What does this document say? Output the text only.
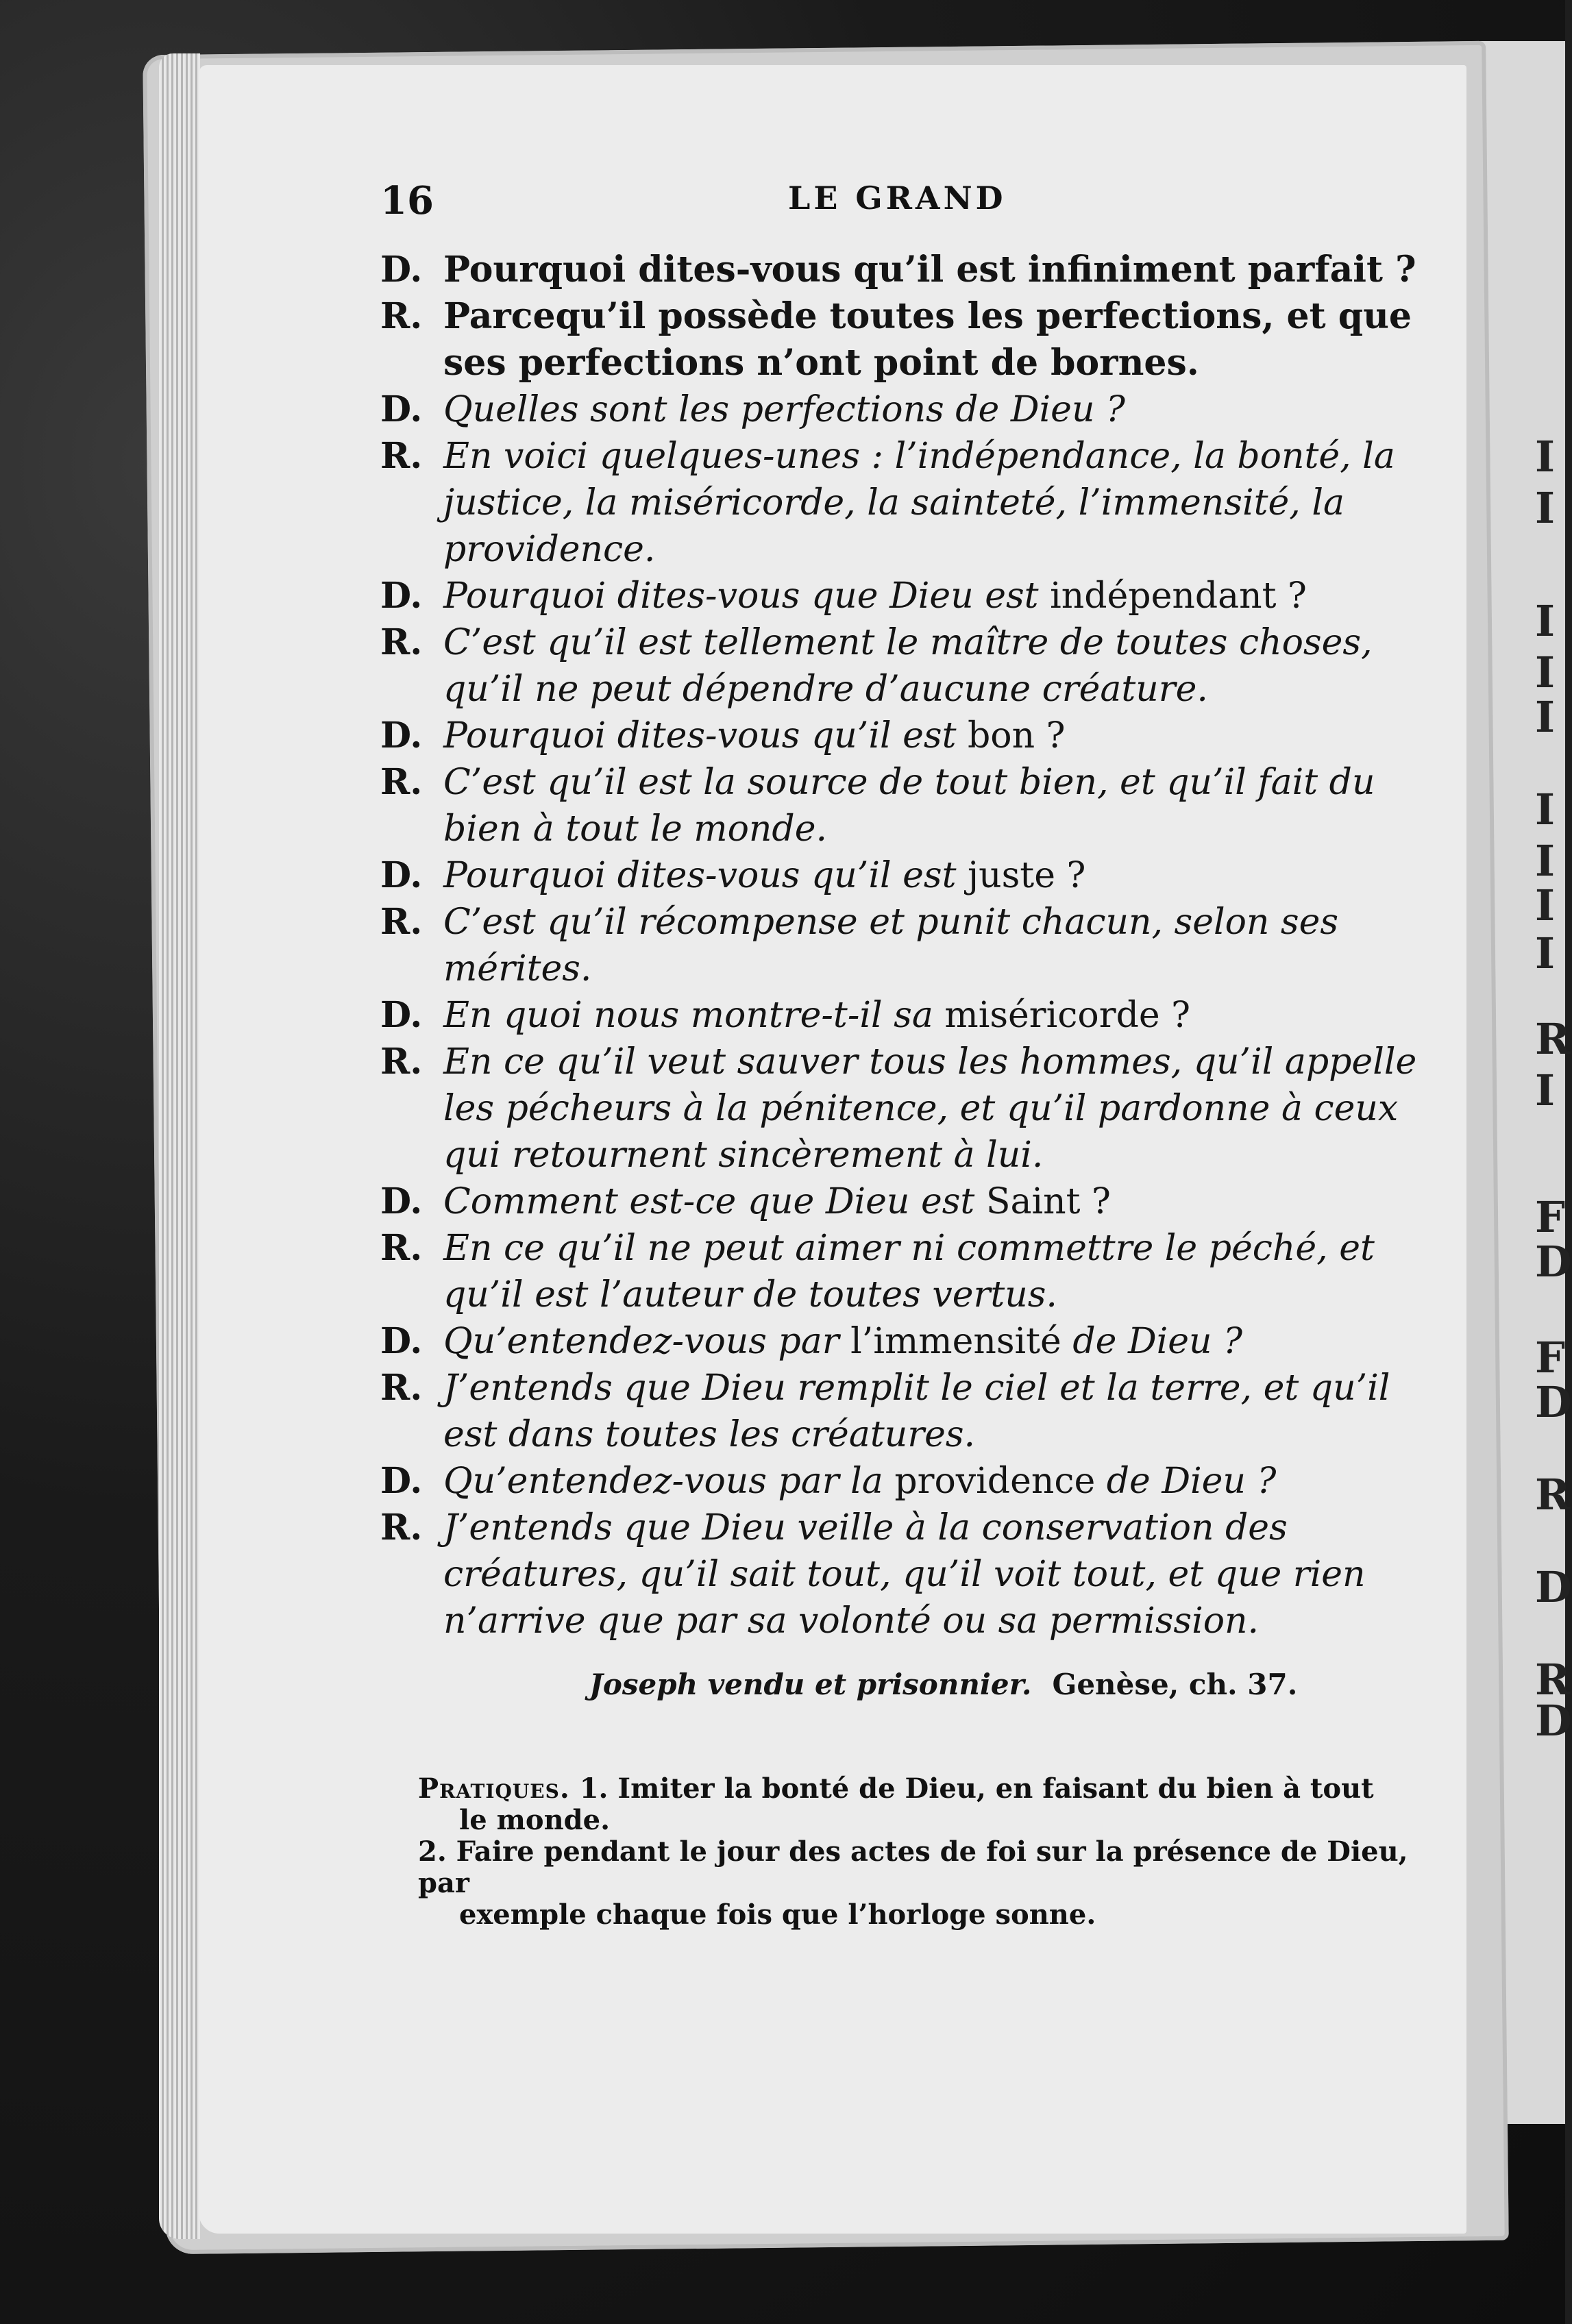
I
I
I
I
I
I
I
I
I
R
I
F
D
F
D
R
D
R
D
16	LE GRAND
D. Pourquoi dites-vous qu’il est infiniment parfait ?
R. Parcequ’il possède toutes les perfections, et que ses perfections n’ont point de bornes.
D. Quelles sont les perfections de Dieu ?
R. En voici quelques-unes : l’indépendance, la bonté, la justice, la miséricorde, la sainteté, l’immensité, la providence.
D. Pourquoi dites-vous que Dieu est indépendant ?
R. C’est qu’il est tellement le maître de toutes choses, qu’il ne peut dépendre d’aucune créature.
D. Pourquoi dites-vous qu’il est bon ?
R. C’est qu’il est la source de tout bien, et qu’il fait du bien à tout le monde.
D. Pourquoi dites-vous qu’il est juste ?
R. C’est qu’il récompense et punit chacun, selon ses mérites.
D. En quoi nous montre-t-il sa miséricorde ?
R. En ce qu’il veut sauver tous les hommes, qu’il appelle les pécheurs à la pénitence, et qu’il pardonne à ceux qui retournent sincèrement à lui.
D. Comment est-ce que Dieu est Saint ?
R. En ce qu’il ne peut aimer ni commettre le péché, et qu’il est l’auteur de toutes vertus.
D. Qu’entendez-vous par l’immensité de Dieu ?
R. J’entends que Dieu remplit le ciel et la terre, et qu’il est dans toutes les créatures.
D. Qu’entendez-vous par la providence de Dieu ?
R. J’entends que Dieu veille à la conservation des créatures, qu’il sait tout, qu’il voit tout, et que rien n’arrive que par sa volonté ou sa permission.
Joseph vendu et prisonnier. Genèse, ch. 37.
Pratiques. 1. Imiter la bonté de Dieu, en faisant du bien à tout
le monde.
2. Faire pendant le jour des actes de foi sur la présence de Dieu, par
exemple chaque fois que l’horloge sonne.
